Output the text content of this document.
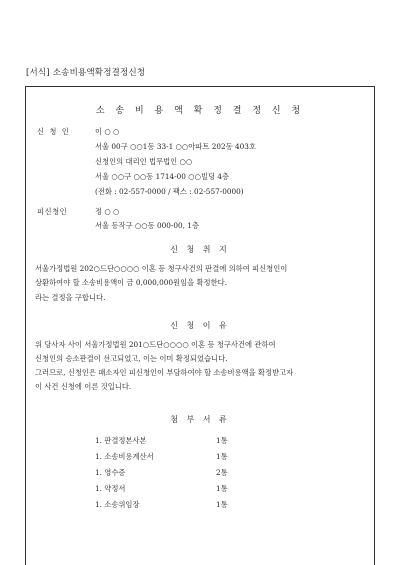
[서식] 소송비용액확정결정신청
소 송 비 용 액 확 정 결 정 신 청
신 청 인	이 ○ ○
서울 00구 ○○1동 33-1 ○○아파트 202동 403호
신청인의 대리인 법무법인 ○○
서울 ○○구 ○○동 1714-00 ○○빌딩 4층
(전화 : 02-557-0000 / 팩스 : 02-557-0000)
피신청인	정 ○ ○
서울 동작구 ○○동 000-00, 1층
신 청 취 지
서울가정법원 202○드단○○○○ 이혼 등 청구사건의 판결에 의하여 피신청인이
상환하여야 할 소송비용액이 금 0,000,000원임을 확정한다.
라는 결정을 구합니다.
신 청 이 유
위 당사자 사이 서울가정법원 201○드단○○○○ 이혼 등 청구사건에 관하여
신청인의 승소판결이 선고되었고, 이는 이미 확정되었습니다.
그러므로, 신청인은 패소자인 피신청인이 부담하여야 할 소송비용액을 확정받고자
이 사건 신청에 이른 것입니다.
첨 부 서 류
1. 판결정본사본	1통
1. 소송비용계산서	1통
1. 영수증	2통
1. 약정서	1통
1. 소송위임장	1통
